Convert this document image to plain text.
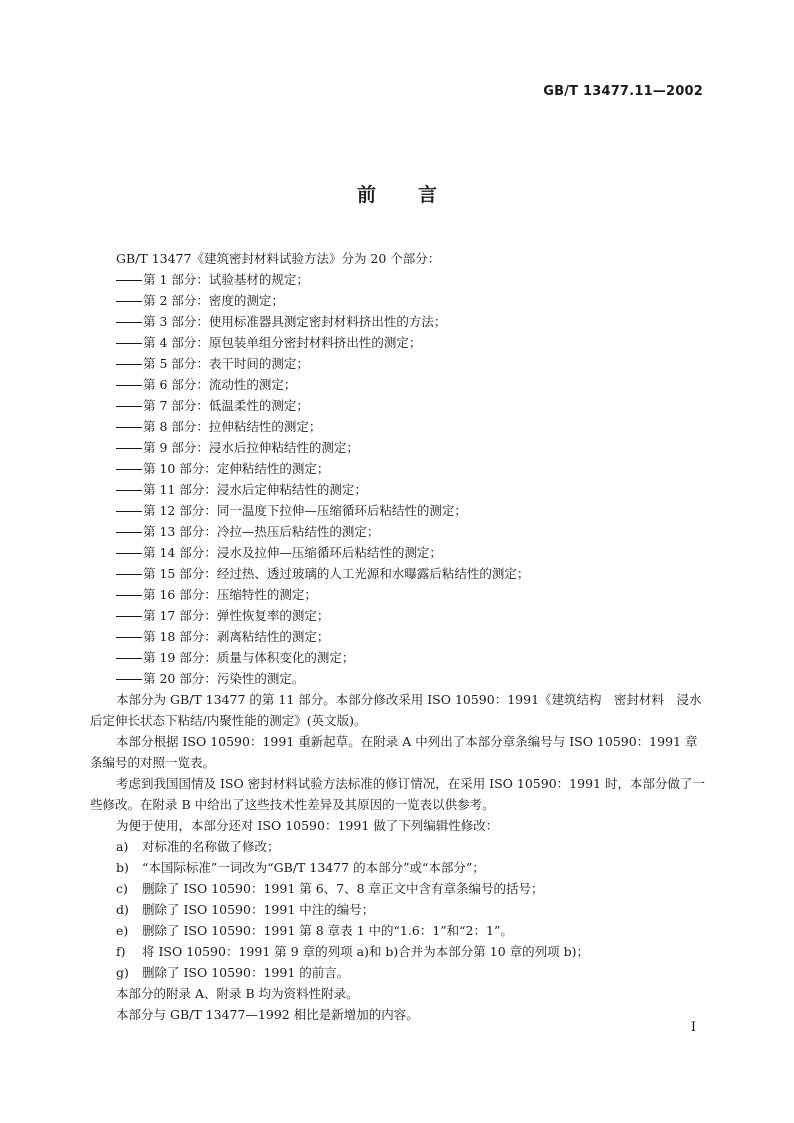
GB/T 13477.11—2002
前言

GB/T 13477《建筑密封材料试验方法》分为 20 个部分：

第 1 部分：试验基材的规定；
第 2 部分：密度的测定；
第 3 部分：使用标准器具测定密封材料挤出性的方法；
第 4 部分：原包装单组分密封材料挤出性的测定；
第 5 部分：表干时间的测定；
第 6 部分：流动性的测定；
第 7 部分：低温柔性的测定；
第 8 部分：拉伸粘结性的测定；
第 9 部分：浸水后拉伸粘结性的测定；
第 10 部分：定伸粘结性的测定；
第 11 部分：浸水后定伸粘结性的测定；
第 12 部分：同一温度下拉伸—压缩循环后粘结性的测定；
第 13 部分：冷拉—热压后粘结性的测定；
第 14 部分：浸水及拉伸—压缩循环后粘结性的测定；
第 15 部分：经过热、透过玻璃的人工光源和水曝露后粘结性的测定；
第 16 部分：压缩特性的测定；
第 17 部分：弹性恢复率的测定；
第 18 部分：剥离粘结性的测定；
第 19 部分：质量与体积变化的测定；
第 20 部分：污染性的测定。

本部分为 GB/T 13477 的第 11 部分。本部分修改采用 ISO 10590：1991《建筑结构　密封材料　浸水后定伸长状态下粘结/内聚性能的测定》(英文版)。

本部分根据 ISO 10590：1991 重新起草。在附录 A 中列出了本部分章条编号与 ISO 10590：1991 章条编号的对照一览表。

考虑到我国国情及 ISO 密封材料试验方法标准的修订情况，在采用 ISO 10590：1991 时，本部分做了一些修改。在附录 B 中给出了这些技术性差异及其原因的一览表以供参考。

为便于使用，本部分还对 ISO 10590：1991 做了下列编辑性修改：

a) 对标准的名称做了修改；
b) “本国际标准”一词改为“GB/T 13477 的本部分”或“本部分”；
c) 删除了 ISO 10590：1991 第 6、7、8 章正文中含有章条编号的括号；
d) 删除了 ISO 10590：1991 中注的编号；
e) 删除了 ISO 10590：1991 第 8 章表 1 中的“1.6：1”和“2：1”。
f) 将 ISO 10590：1991 第 9 章的列项 a)和 b)合并为本部分第 10 章的列项 b)；
g) 删除了 ISO 10590：1991 的前言。

本部分的附录 A、附录 B 均为资料性附录。

本部分与 GB/T 13477—1992 相比是新增加的内容。

I
